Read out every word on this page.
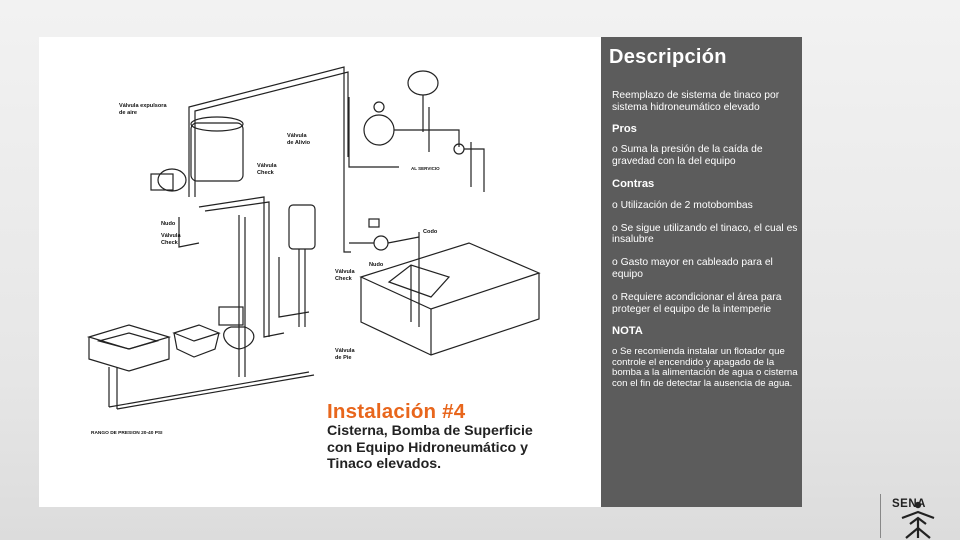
Válvula expulsora
de aire
Válvula
de Alivio
Válvula
Check
Nudo
Válvula
Check
AL SERVICIO
Codo
Válvula
Check
Nudo
Válvula
de Pie
RANGO DE PRESION 20-40 PSI
Instalación #4
Cisterna, Bomba de Superficie
con Equipo Hidroneumático y
Tinaco elevados.
Descripción
Reemplazo de sistema de tinaco por sistema hidroneumático elevado
Pros
o Suma la presión de la caída de gravedad con la del equipo
Contras
o Utilización de 2 motobombas
o Se sigue utilizando el tinaco, el cual es insalubre
o Gasto mayor en cableado para el equipo
o Requiere acondicionar el área para proteger el equipo de la intemperie
NOTA
o Se recomienda instalar un flotador que controle el encendido y apagado de la bomba a la alimentación de agua o cisterna con el fin de detectar la ausencia de agua.
SENA
